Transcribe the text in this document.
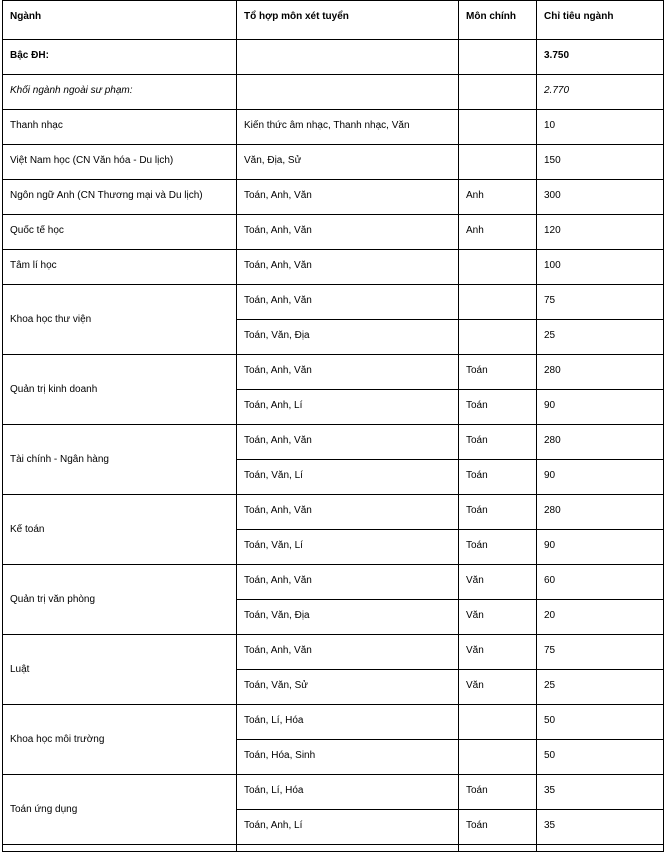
Ngành	Tổ hợp môn xét tuyển	Môn chính	Chỉ tiêu ngành
Bậc ĐH:			3.750
Khối ngành ngoài sư phạm:			2.770
Thanh nhạc	Kiến thức âm nhạc, Thanh nhạc, Văn		10
Việt Nam học (CN Văn hóa - Du lịch)	Văn, Địa, Sử		150
Ngôn ngữ Anh (CN Thương mại và Du lịch)	Toán, Anh, Văn	Anh	300
Quốc tế học	Toán, Anh, Văn	Anh	120
Tâm lí học	Toán, Anh, Văn		100
Khoa học thư viện	Toán, Anh, Văn		75
	Toán, Văn, Địa		25
Quản trị kinh doanh	Toán, Anh, Văn	Toán	280
	Toán, Anh, Lí	Toán	90
Tài chính - Ngân hàng	Toán, Anh, Văn	Toán	280
	Toán, Văn, Lí	Toán	90
Kế toán	Toán, Anh, Văn	Toán	280
	Toán, Văn, Lí	Toán	90
Quản trị văn phòng	Toán, Anh, Văn	Văn	60
	Toán, Văn, Địa	Văn	20
Luật	Toán, Anh, Văn	Văn	75
	Toán, Văn, Sử	Văn	25
Khoa học môi trường	Toán, Lí, Hóa		50
	Toán, Hóa, Sinh		50
Toán ứng dụng	Toán, Lí, Hóa	Toán	35
	Toán, Anh, Lí	Toán	35
